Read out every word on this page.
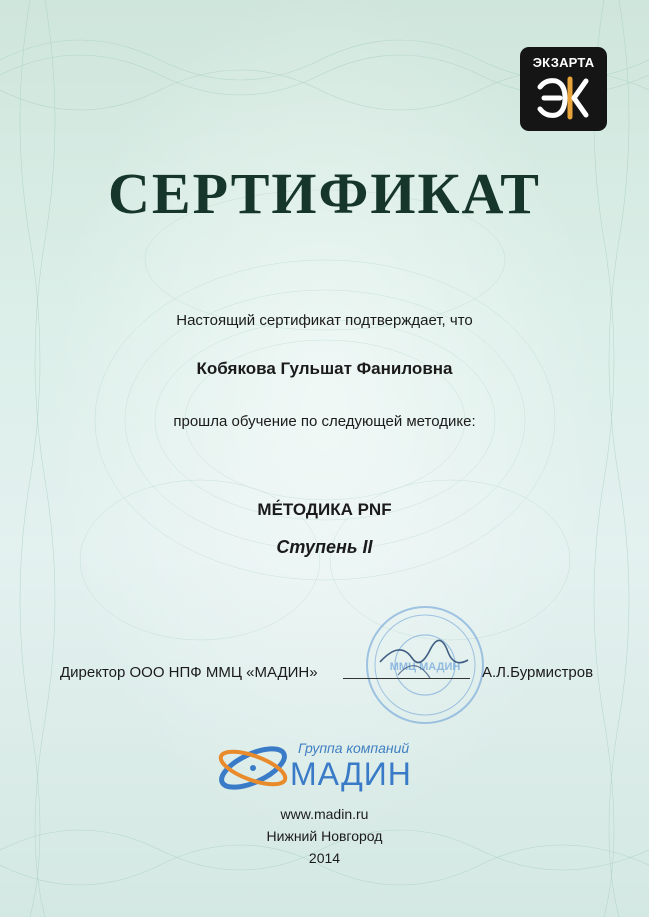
ЭКЗАРТА
СЕРТИФИКАТ
Настоящий сертификат подтверждает, что
Кобякова Гульшат Фаниловна
прошла обучение по следующей методике:
МЕ́ТОДИКА PNF
Ступень II
ММЦ МАДИН
Директор ООО НПФ ММЦ «МАДИН»	А.Л.Бурмистров
Группа компаний
МАДИН
www.madin.ru
Нижний Новгород
2014
